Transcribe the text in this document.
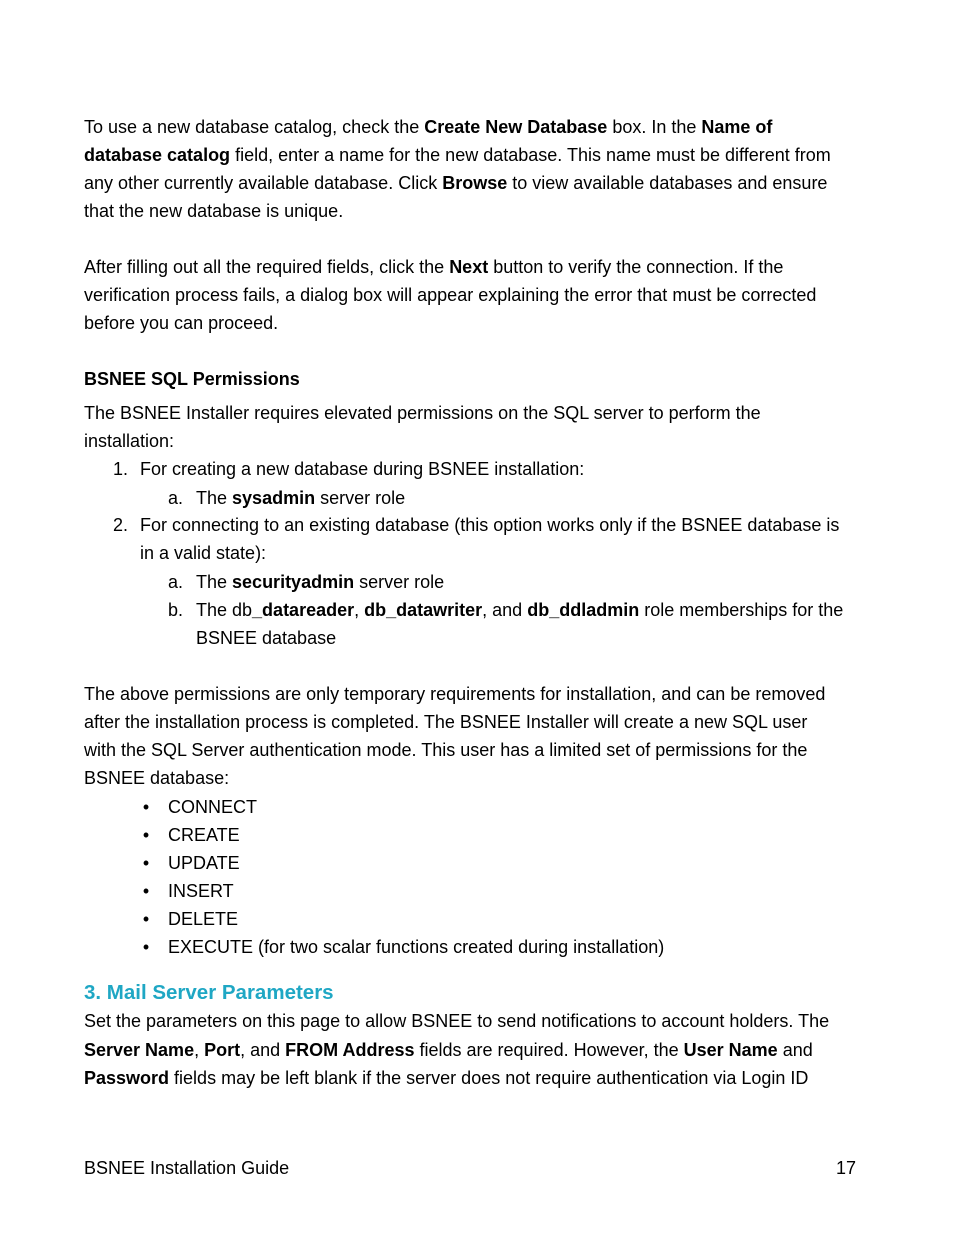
To use a new database catalog, check the Create New Database box. In the Name of
database catalog field, enter a name for the new database. This name must be different from
any other currently available database. Click Browse to view available databases and ensure
that the new database is unique.
After filling out all the required fields, click the Next button to verify the connection. If the
verification process fails, a dialog box will appear explaining the error that must be corrected
before you can proceed.
BSNEE SQL Permissions
The BSNEE Installer requires elevated permissions on the SQL server to perform the
installation:
1. For creating a new database during BSNEE installation:
a. The sysadmin server role
2. For connecting to an existing database (this option works only if the BSNEE database is
in a valid state):
a. The securityadmin server role
b. The db_datareader, db_datawriter, and db_ddladmin role memberships for the
BSNEE database
The above permissions are only temporary requirements for installation, and can be removed
after the installation process is completed. The BSNEE Installer will create a new SQL user
with the SQL Server authentication mode. This user has a limited set of permissions for the
BSNEE database:
• CONNECT
• CREATE
• UPDATE
• INSERT
• DELETE
• EXECUTE (for two scalar functions created during installation)
3. Mail Server Parameters
Set the parameters on this page to allow BSNEE to send notifications to account holders. The
Server Name, Port, and FROM Address fields are required. However, the User Name and
Password fields may be left blank if the server does not require authentication via Login ID
BSNEE Installation Guide	17
